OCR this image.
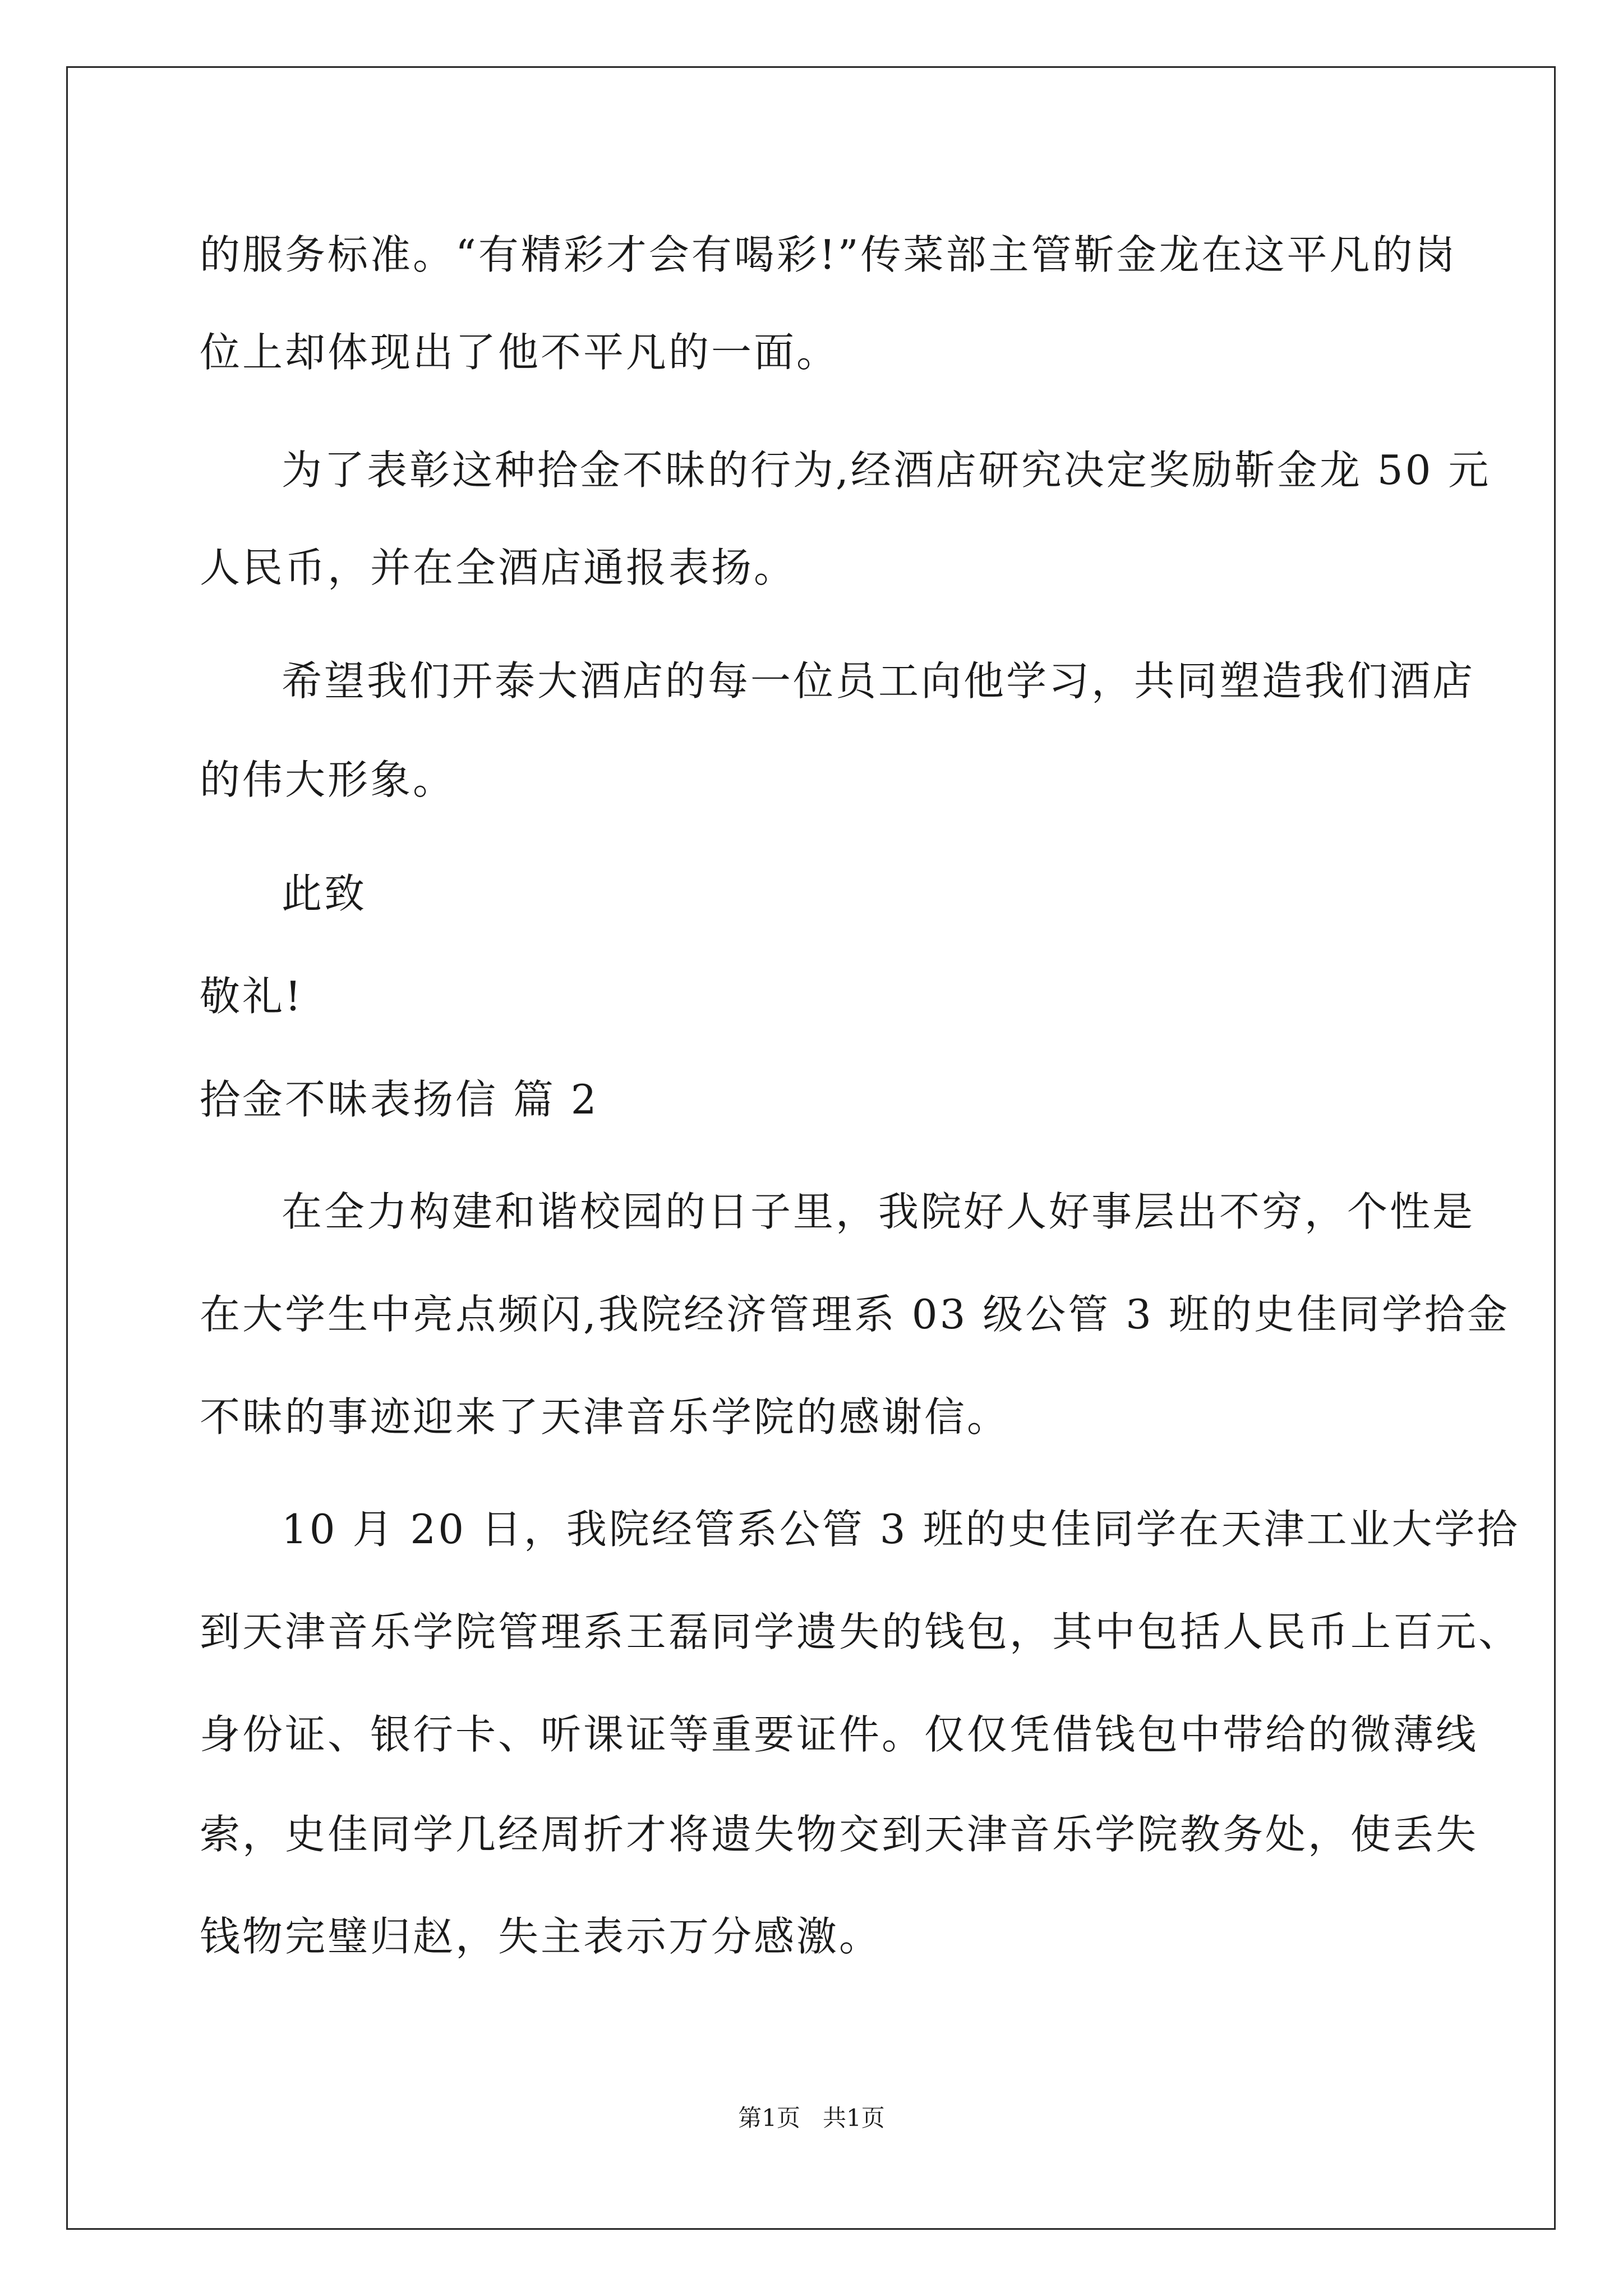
的服务标准。“有精彩才会有喝彩!”传菜部主管靳金龙在这平凡的岗
位上却体现出了他不平凡的一面。
为了表彰这种拾金不昧的行为,经酒店研究决定奖励靳金龙 50 元
人民币，并在全酒店通报表扬。
希望我们开泰大酒店的每一位员工向他学习，共同塑造我们酒店
的伟大形象。
此致
敬礼!
拾金不昧表扬信 篇 2
在全力构建和谐校园的日子里，我院好人好事层出不穷，个性是
在大学生中亮点频闪,我院经济管理系 03 级公管 3 班的史佳同学拾金
不昧的事迹迎来了天津音乐学院的感谢信。
10 月 20 日，我院经管系公管 3 班的史佳同学在天津工业大学拾
到天津音乐学院管理系王磊同学遗失的钱包，其中包括人民币上百元、
身份证、银行卡、听课证等重要证件。仅仅凭借钱包中带给的微薄线
索，史佳同学几经周折才将遗失物交到天津音乐学院教务处，使丢失
钱物完璧归赵，失主表示万分感激。
第1页   共1页
